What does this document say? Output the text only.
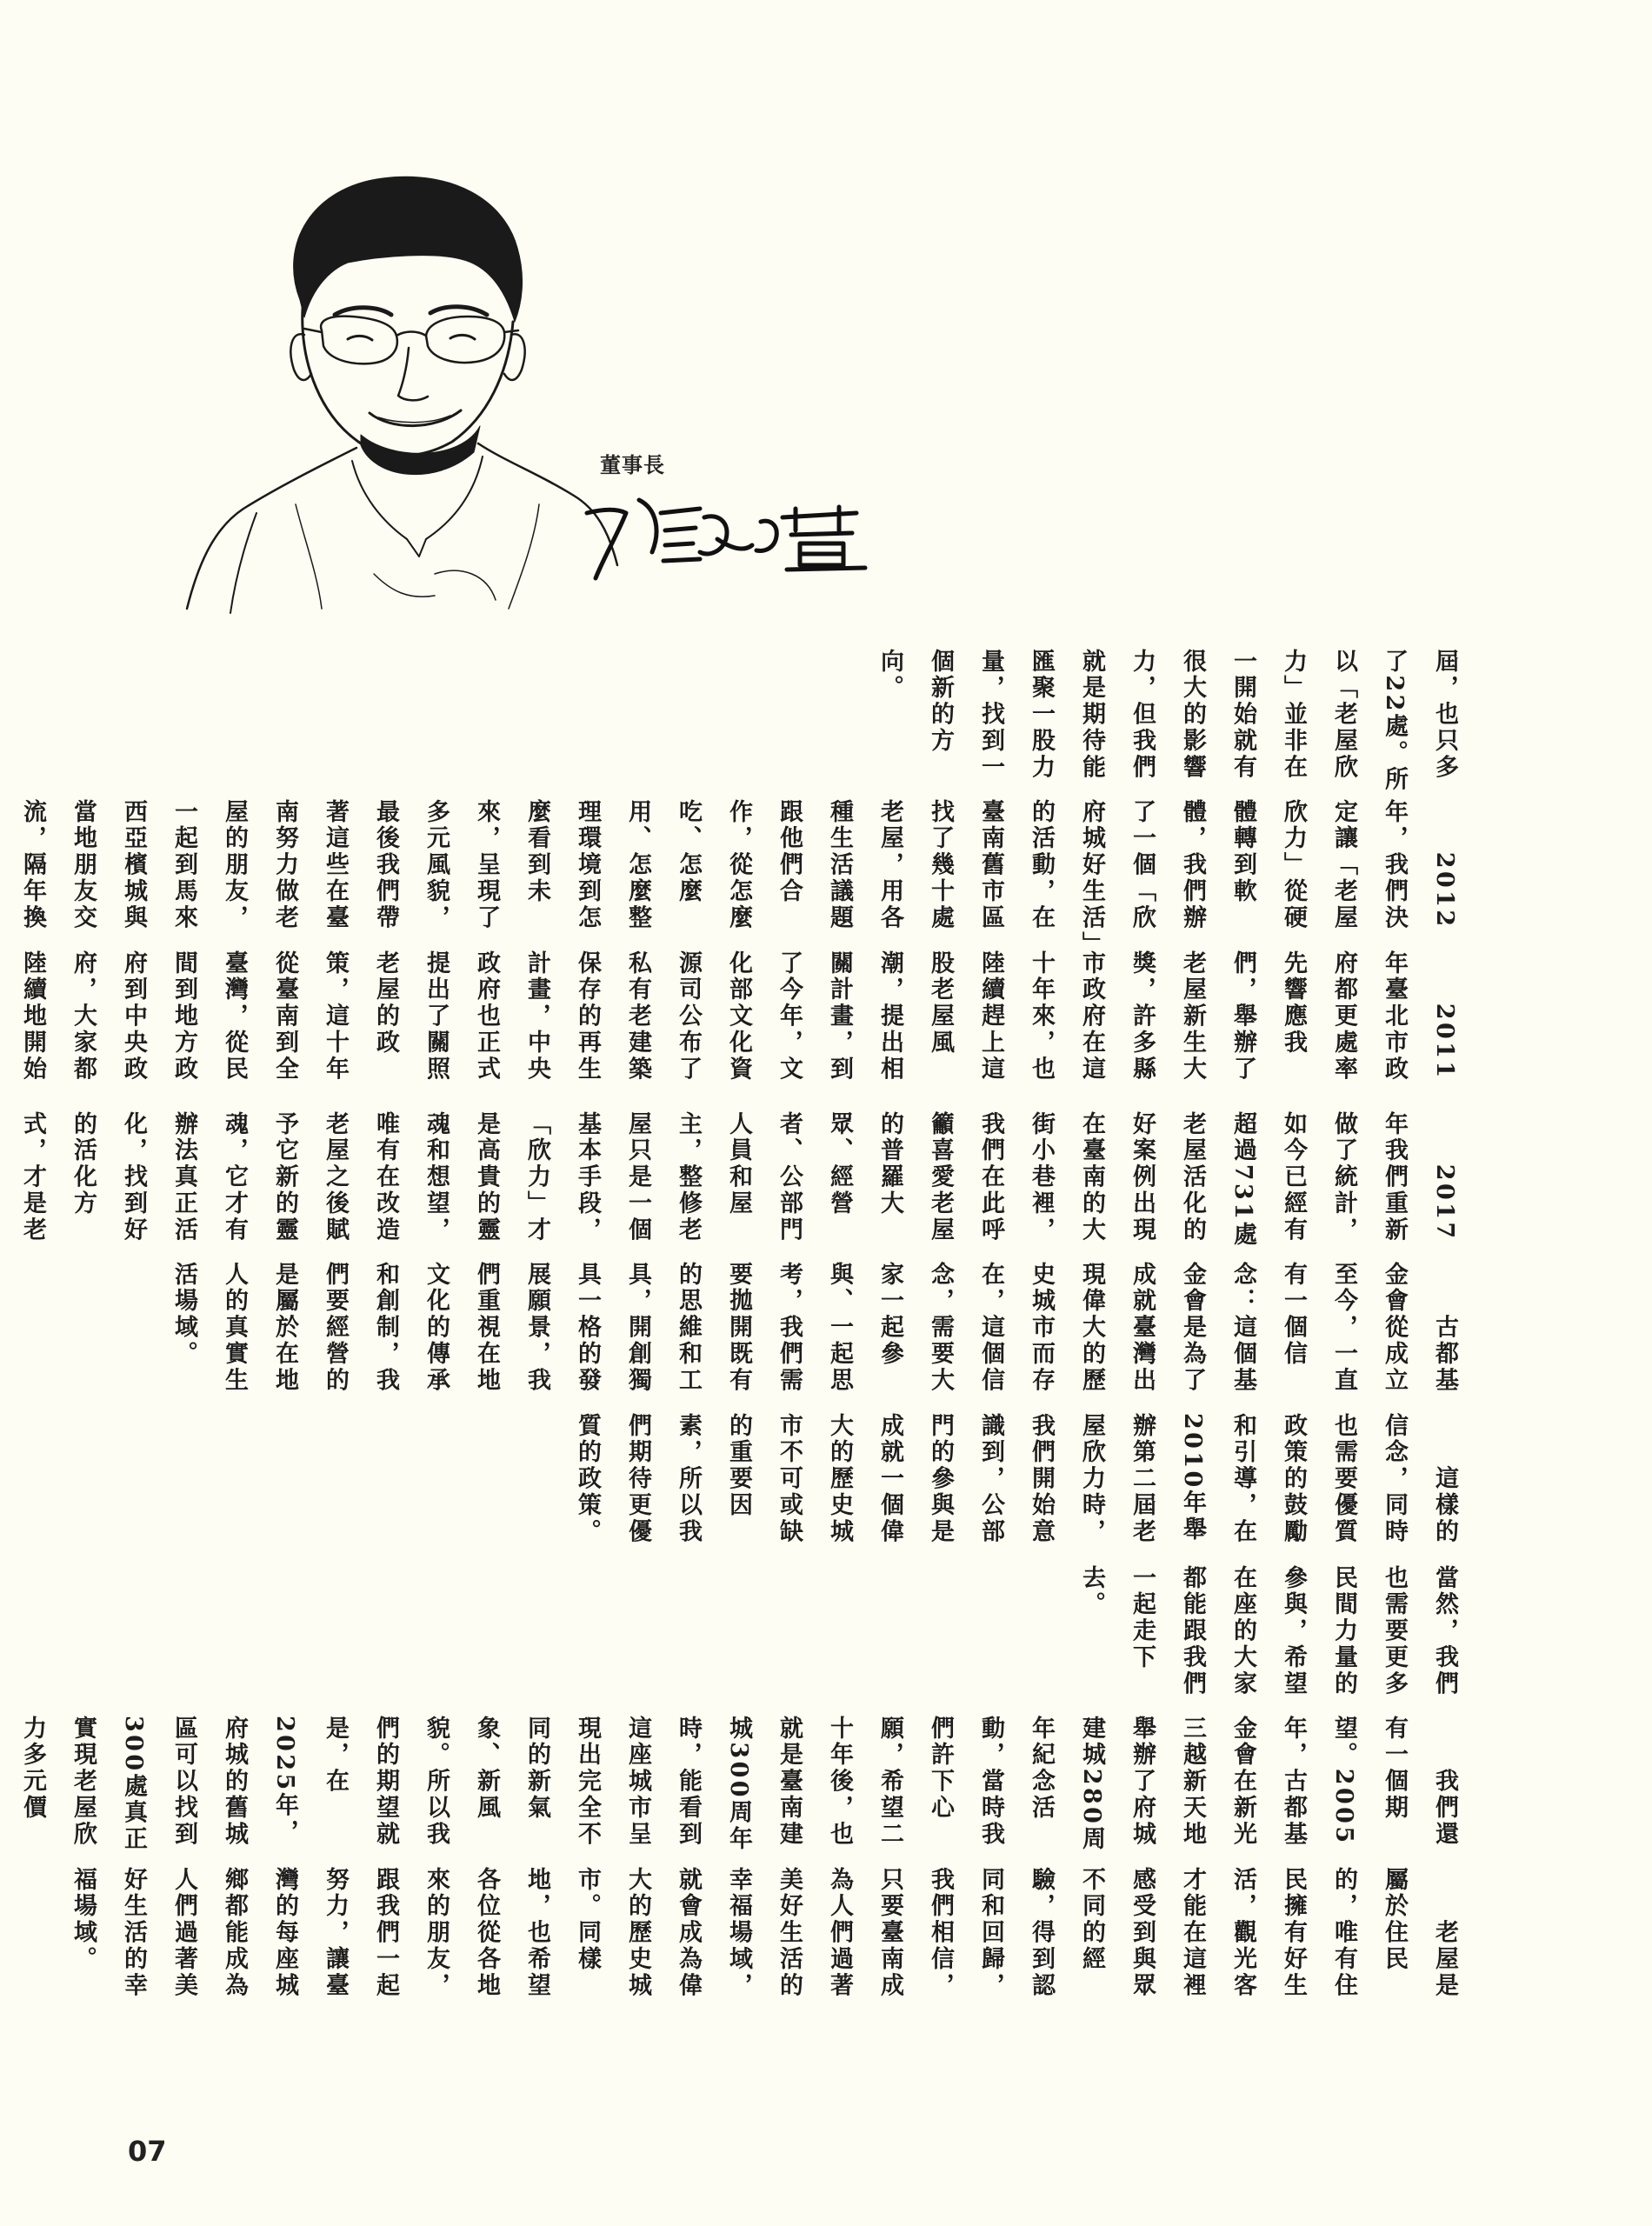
董事長

屆，也只多了22處。所以「老屋欣力」並非在一開始就有很大的影響力，但我們就是期待能匯聚一股力量，找到一個新的方向。

　　2012年，我們決定讓「老屋欣力」從硬體轉到軟體，我們辦了一個「欣府城好生活」的活動，在臺南舊市區找了幾十處老屋，用各種生活議題跟他們合作，從怎麼吃、怎麼用、怎麼整理環境到怎麼看到未來，呈現了多元風貌，最後我們帶著這些在臺南努力做老屋的朋友，一起到馬來西亞檳城與當地朋友交流，隔年換

　　2011年臺北市政府都更處率先響應我們，舉辦了老屋新生大獎，許多縣市政府在這十年來，也陸續趕上這股老屋風潮，提出相關計畫，到了今年，文化部文化資源司公布了私有老建築保存的再生計畫，中央政府也正式提出了關照老屋的政策，這十年從臺南到全臺灣，從民間到地方政府到中央政府，大家都陸續地開始

　　2017年我們重新做了統計，如今已經有超過731處老屋活化的好案例出現在臺南的大街小巷裡，我們在此呼籲喜愛老屋的普羅大眾、經營者、公部門人員和屋主，整修老屋只是一個基本手段，「欣力」才是高貴的靈魂和想望，唯有在改造老屋之後賦予它新的靈魂，它才有辦法真正活化，找到好的活化方式，才是老

　　古都基金會從成立至今，一直有一個信念：這個基金會是為了成就臺灣出現偉大的歷史城市而存在，這個信念，需要大家一起參與、一起思考，我們需要拋開既有的思維和工具，開創獨具一格的發展願景，我們重視在地文化的傳承和創制，我們要經營的是屬於在地人的真實生活場域。

　　這樣的信念，同時也需要優質政策的鼓勵和引導，在2010年舉辦第二屆老屋欣力時，我們開始意識到，公部門的參與是成就一個偉大的歷史城市不可或缺的重要因素，所以我們期待更優質的政策。

當然，我們也需要更多民間力量的參與，希望在座的大家都能跟我們一起走下去。

　　我們還有一個期望。2005年，古都基金會在新光三越新天地舉辦了府城建城280周年紀念活動，當時我們許下心願，希望二十年後，也就是臺南建城300周年時，能看到這座城市呈現出完全不同的新氣象、新風貌。所以我們的期望就是，在2025年，府城的舊城區可以找到300處真正實現老屋欣力多元價

　　老屋是屬於住民的，唯有住民擁有好生活，觀光客才能在這裡感受到與眾不同的經驗，得到認同和回歸，我們相信，只要臺南成為人們過著美好生活的幸福場域，就會成為偉大的歷史城市。同樣地，也希望各位從各地來的朋友，跟我們一起努力，讓臺灣的每座城鄉都能成為人們過著美好生活的幸福場域。

07
